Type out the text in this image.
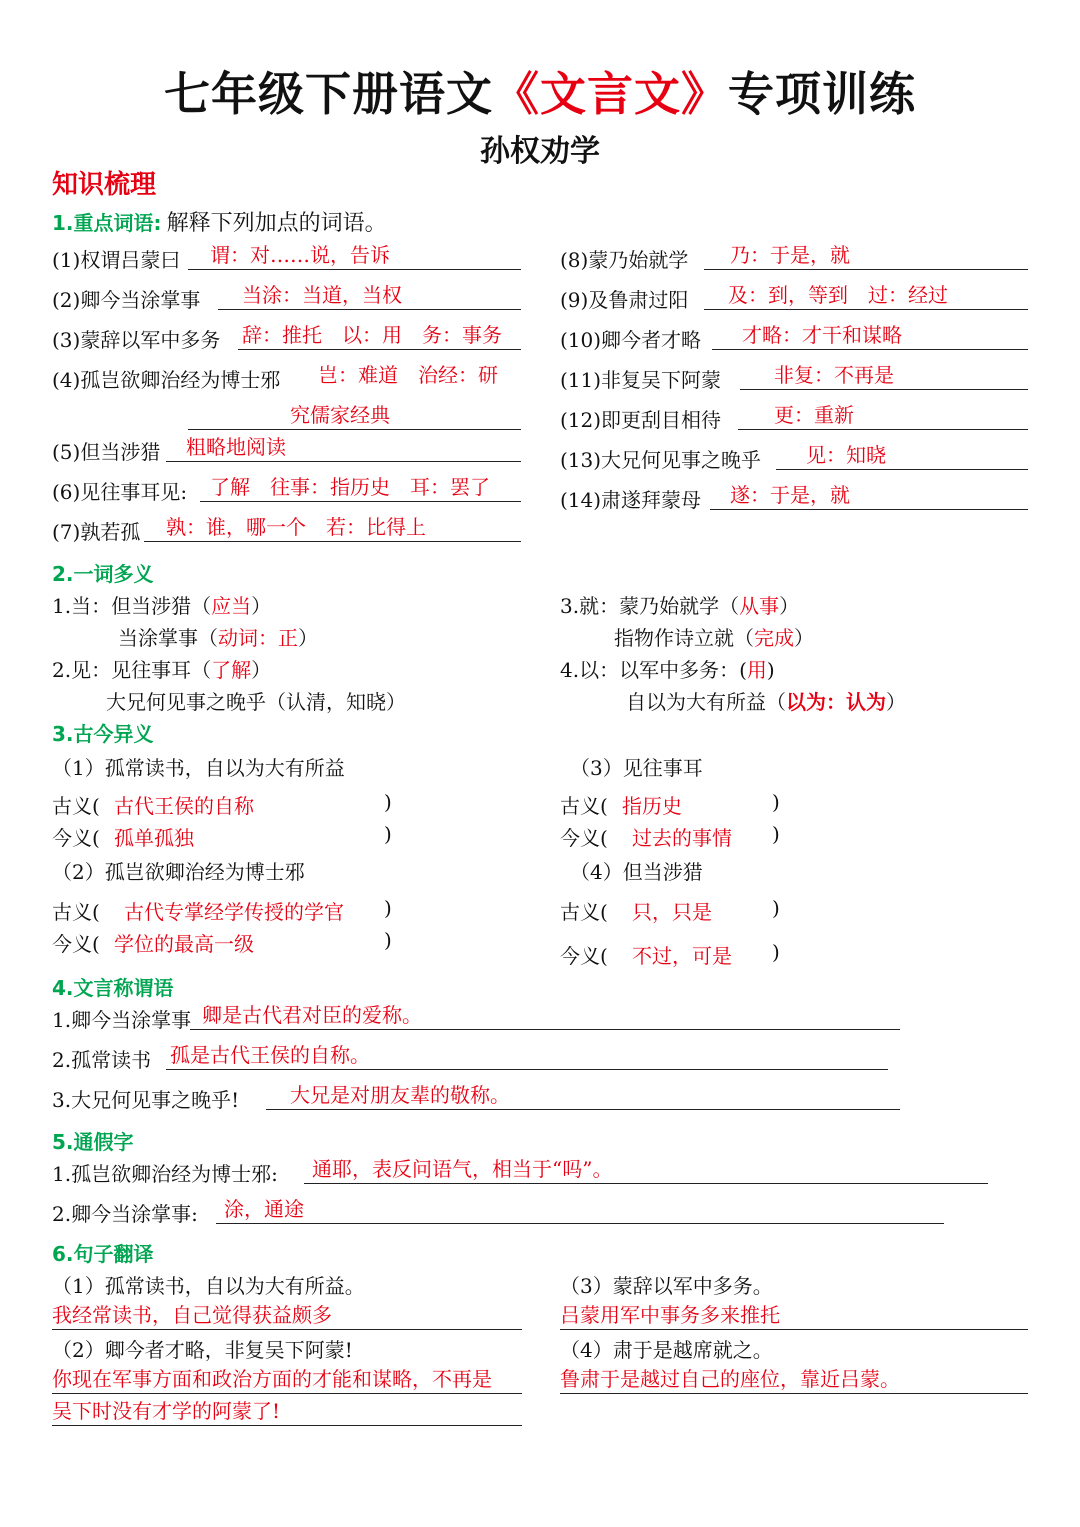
七年级下册语文《文言文》专项训练
孙权劝学
知识梳理
1.重点词语: 解释下列加点的词语。
(1)权谓吕蒙曰	谓：对……说，告诉
(2)卿今当涂掌事	当涂：当道，当权
(3)蒙辞以军中多务 辞：推托　以：用　务：事务
(4)孤岂欲卿治经为博士邪	岂：难道　治经：研
究儒家经典
(5)但当涉猎	粗略地阅读
(6)见往事耳见:	了解　往事：指历史　耳：罢了
(7)孰若孤	孰：谁，哪一个　若：比得上
(8)蒙乃始就学	乃：于是，就
(9)及鲁肃过阳	及：到，等到　过：经过
(10)卿今者才略	才略：才干和谋略
(11)非复吴下阿蒙	非复：不再是
(12)即更刮目相待	更：重新
(13)大兄何见事之晚乎	见：知晓
(14)肃遂拜蒙母	遂：于是，就
2.一词多义
1.当：但当涉猎（应当）
当涂掌事（动词：正）
2.见：见往事耳（了解）
大兄何见事之晚乎（认清，知晓）
3.就：蒙乃始就学（从事）
指物作诗立就（完成）
4.以：以军中多务：(用)
自以为大有所益（以为：认为）
3.古今异义
（1）孤常读书，自以为大有所益
古义( 古代王侯的自称	)
今义( 孤单孤独	)
（2）孤岂欲卿治经为博士邪
古义( 古代专掌经学传授的学官 )
今义( 学位的最高一级	)
（3）见往事耳
古义( 指历史	)
今义( 过去的事情 )
（4）但当涉猎
古义( 只，只是	)
今义( 不过，可是 )
4.文言称谓语
1.卿今当涂掌事 卿是古代君对臣的爱称。
2.孤常读书 孤是古代王侯的自称。
3.大兄何见事之晚乎!	大兄是对朋友辈的敬称。
5.通假字
1.孤岂欲卿治经为博士邪:	通耶，表反问语气，相当于“吗”。
2.卿今当涂掌事:	涂，通途
6.句子翻译
（1）孤常读书，自以为大有所益。
我经常读书，自己觉得获益颇多
（2）卿今者才略，非复吴下阿蒙!
你现在军事方面和政治方面的才能和谋略，不再是
吴下时没有才学的阿蒙了!
（3）蒙辞以军中多务。
吕蒙用军中事务多来推托
（4）肃于是越席就之。
鲁肃于是越过自己的座位，靠近吕蒙。
